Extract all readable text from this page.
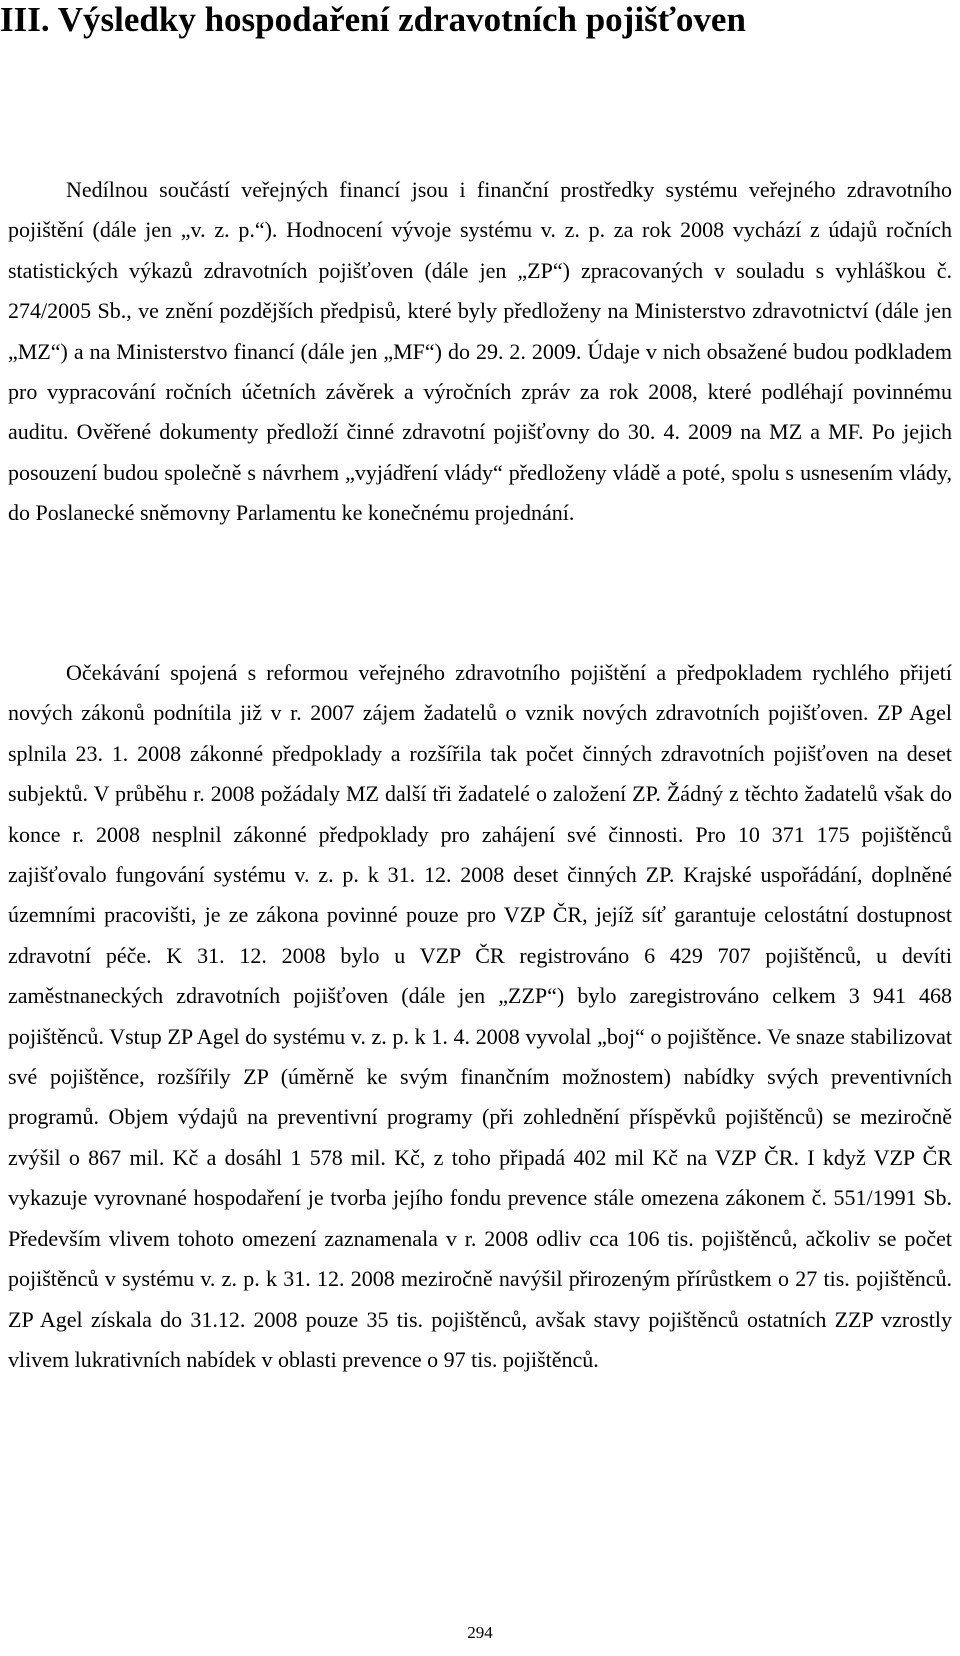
III. Výsledky hospodaření zdravotních pojišťoven

Nedílnou součástí veřejných financí jsou i finanční prostředky systému veřejného zdravotního pojištění (dále jen „v. z. p.“). Hodnocení vývoje systému v. z. p. za rok 2008 vychází z údajů ročních statistických výkazů zdravotních pojišťoven (dále jen „ZP“) zpracovaných v souladu s vyhláškou č. 274/2005 Sb., ve znění pozdějších předpisů, které byly předloženy na Ministerstvo zdravotnictví (dále jen „MZ“) a na Ministerstvo financí (dále jen „MF“) do 29. 2. 2009. Údaje v nich obsažené budou podkladem pro vypracování ročních účetních závěrek a výročních zpráv za rok 2008, které podléhají povinnému auditu. Ověřené dokumenty předloží činné zdravotní pojišťovny do 30. 4. 2009 na MZ a MF. Po jejich posouzení budou společně s návrhem „vyjádření vlády“ předloženy vládě a poté, spolu s usnesením vlády, do Poslanecké sněmovny Parlamentu ke konečnému projednání.

Očekávání spojená s reformou veřejného zdravotního pojištění a předpokladem rychlého přijetí nových zákonů podnítila již v r. 2007 zájem žadatelů o vznik nových zdravotních pojišťoven. ZP Agel splnila 23. 1. 2008 zákonné předpoklady a rozšířila tak počet činných zdravotních pojišťoven na deset subjektů. V průběhu r. 2008 požádaly MZ další tři žadatelé o založení ZP. Žádný z těchto žadatelů však do konce r. 2008 nesplnil zákonné předpoklady pro zahájení své činnosti. Pro 10 371 175 pojištěnců zajišťovalo fungování systému v. z. p. k 31. 12. 2008 deset činných ZP. Krajské uspořádání, doplněné územními pracovišti, je ze zákona povinné pouze pro VZP ČR, jejíž síť garantuje celostátní dostupnost zdravotní péče. K 31. 12. 2008 bylo u VZP ČR registrováno 6 429 707 pojištěnců, u devíti zaměstnaneckých zdravotních pojišťoven (dále jen „ZZP“) bylo zaregistrováno celkem 3 941 468 pojištěnců. Vstup ZP Agel do systému v. z. p. k 1. 4. 2008 vyvolal „boj“ o pojištěnce. Ve snaze stabilizovat své pojištěnce, rozšířily ZP (úměrně ke svým finančním možnostem) nabídky svých preventivních programů. Objem výdajů na preventivní programy (při zohlednění příspěvků pojištěnců) se meziročně zvýšil o 867 mil. Kč a dosáhl 1 578 mil. Kč, z toho připadá 402 mil Kč na VZP ČR. I když VZP ČR vykazuje vyrovnané hospodaření je tvorba jejího fondu prevence stále omezena zákonem č. 551/1991 Sb. Především vlivem tohoto omezení zaznamenala v r. 2008 odliv cca 106 tis. pojištěnců, ačkoliv se počet pojištěnců v systému v. z. p. k 31. 12. 2008 meziročně navýšil přirozeným přírůstkem o 27 tis. pojištěnců. ZP Agel získala do 31.12. 2008 pouze 35 tis. pojištěnců, avšak stavy pojištěnců ostatních ZZP vzrostly vlivem lukrativních nabídek v oblasti prevence o 97 tis. pojištěnců.

294
